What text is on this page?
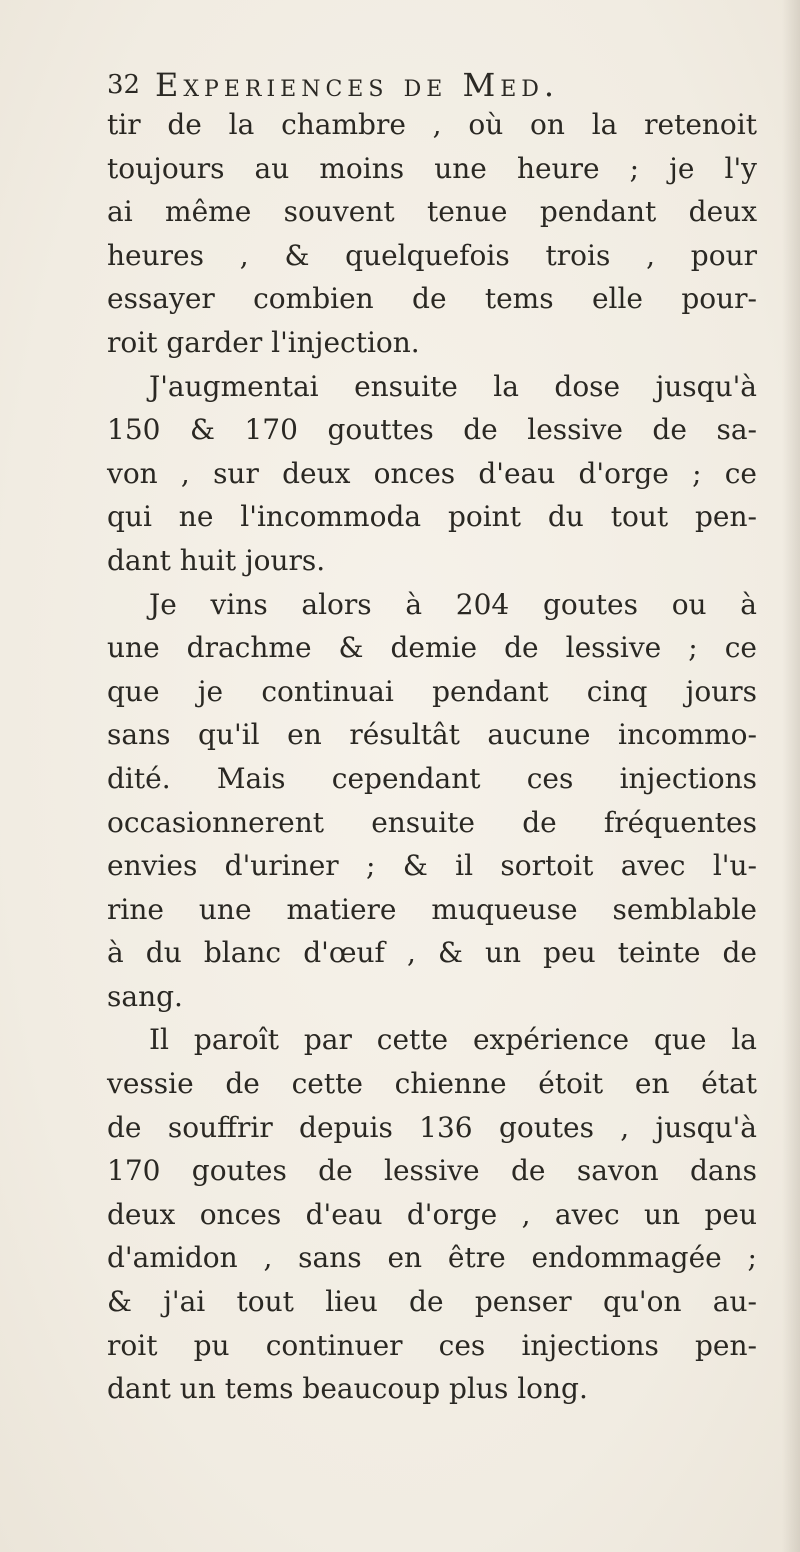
32 Experiences de Med.
tir de la chambre , où on la retenoit
toujours au moins une heure ; je l'y
ai même souvent tenue pendant deux
heures , & quelquefois trois , pour
essayer combien de tems elle pour-
roit garder l'injection.
J'augmentai ensuite la dose jusqu'à
150 & 170 gouttes de lessive de sa-
von , sur deux onces d'eau d'orge ; ce
qui ne l'incommoda point du tout pen-
dant huit jours.
Je vins alors à 204 goutes ou à
une drachme & demie de lessive ; ce
que je continuai pendant cinq jours
sans qu'il en résultât aucune incommo-
dité. Mais cependant ces injections
occasionnerent ensuite de fréquentes
envies d'uriner ; & il sortoit avec l'u-
rine une matiere muqueuse semblable
à du blanc d'œuf , & un peu teinte de
sang.
Il paroît par cette expérience que la
vessie de cette chienne étoit en état
de souffrir depuis 136 goutes , jusqu'à
170 goutes de lessive de savon dans
deux onces d'eau d'orge , avec un peu
d'amidon , sans en être endommagée ;
& j'ai tout lieu de penser qu'on au-
roit pu continuer ces injections pen-
dant un tems beaucoup plus long.
